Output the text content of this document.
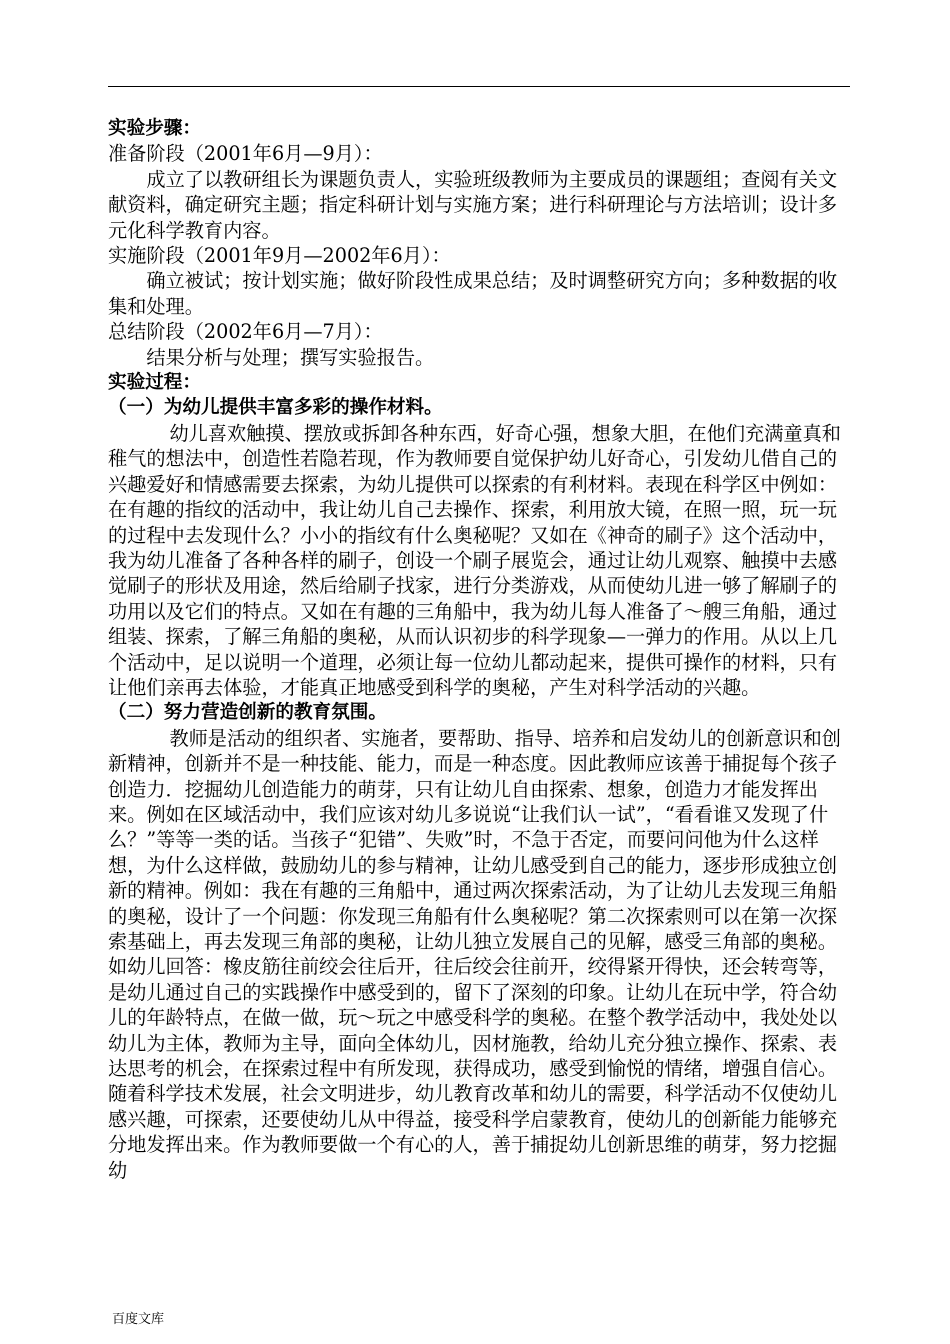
实验步骤：

准备阶段（2001年6月—9月）：

成立了以教研组长为课题负责人，实验班级教师为主要成员的课题组；查阅有关文献资料，确定研究主题；指定科研计划与实施方案；进行科研理论与方法培训；设计多元化科学教育内容。

实施阶段（2001年9月—2002年6月）：

确立被试；按计划实施；做好阶段性成果总结；及时调整研究方向；多种数据的收集和处理。

总结阶段（2002年6月—7月）：

结果分析与处理；撰写实验报告。

实验过程：

（一）为幼儿提供丰富多彩的操作材料。

幼儿喜欢触摸、摆放或拆卸各种东西，好奇心强，想象大胆，在他们充满童真和稚气的想法中，创造性若隐若现，作为教师要自觉保护幼儿好奇心，引发幼儿借自己的兴趣爱好和情感需要去探索，为幼儿提供可以探索的有利材料。表现在科学区中例如：在有趣的指纹的活动中，我让幼儿自己去操作、探索，利用放大镜，在照一照，玩一玩的过程中去发现什么？小小的指纹有什么奥秘呢？又如在《神奇的刷子》这个活动中，我为幼儿准备了各种各样的刷子，创设一个刷子展览会，通过让幼儿观察、触摸中去感觉刷子的形状及用途，然后给刷子找家，进行分类游戏，从而使幼儿进一够了解刷子的功用以及它们的特点。又如在有趣的三角船中，我为幼儿每人准备了～艘三角船，通过组装、探索，了解三角船的奥秘，从而认识初步的科学现象—一弹力的作用。从以上几个活动中，足以说明一个道理，必须让每一位幼儿都动起来，提供可操作的材料，只有让他们亲再去体验，才能真正地感受到科学的奥秘，产生对科学活动的兴趣。

（二）努力营造创新的教育氛围。

教师是活动的组织者、实施者，要帮助、指导、培养和启发幼儿的创新意识和创新精神，创新并不是一种技能、能力，而是一种态度。因此教师应该善于捕捉每个孩子创造力．挖掘幼儿创造能力的萌芽，只有让幼儿自由探索、想象，创造力才能发挥出来。例如在区域活动中，我们应该对幼儿多说说“让我们认一试”，“看看谁又发现了什么？”等等一类的话。当孩子“犯错”、失败”时，不急于否定，而要问问他为什么这样想，为什么这样做，鼓励幼儿的参与精神，让幼儿感受到自己的能力，逐步形成独立创新的精神。例如：我在有趣的三角船中，通过两次探索活动，为了让幼儿去发现三角船的奥秘，设计了一个问题：你发现三角船有什么奥秘呢？第二次探索则可以在第一次探索基础上，再去发现三角部的奥秘，让幼儿独立发展自己的见解，感受三角部的奥秘。如幼儿回答：橡皮筋往前绞会往后开，往后绞会往前开，绞得紧开得快，还会转弯等，是幼儿通过自己的实践操作中感受到的，留下了深刻的印象。让幼儿在玩中学，符合幼儿的年龄特点，在做一做，玩～玩之中感受科学的奥秘。在整个教学活动中，我处处以幼儿为主体，教师为主导，面向全体幼儿，因材施教，给幼儿充分独立操作、探索、表达思考的机会，在探索过程中有所发现，获得成功，感受到愉悦的情绪，增强自信心。随着科学技术发展，社会文明进步，幼儿教育改革和幼儿的需要，科学活动不仅使幼儿感兴趣，可探索，还要使幼儿从中得益，接受科学启蒙教育，使幼儿的创新能力能够充分地发挥出来。作为教师要做一个有心的人，善于捕捉幼儿创新思维的萌芽，努力挖掘幼

百度文库
